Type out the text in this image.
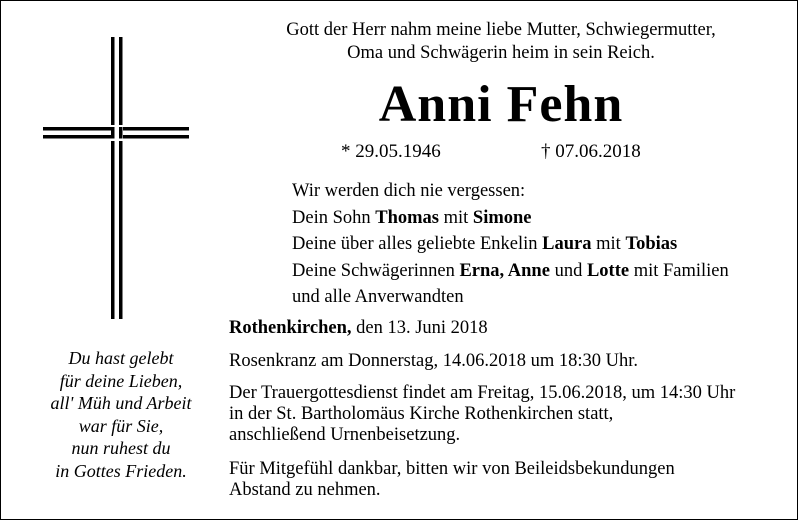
Gott der Herr nahm meine liebe Mutter, Schwiegermutter,
Oma und Schwägerin heim in sein Reich.
Anni Fehn
* 29.05.1946	† 07.06.2018
Wir werden dich nie vergessen:
Dein Sohn Thomas mit Simone
Deine über alles geliebte Enkelin Laura mit Tobias
Deine Schwägerinnen Erna, Anne und Lotte mit Familien
und alle Anverwandten
Rothenkirchen, den 13. Juni 2018
Rosenkranz am Donnerstag, 14.06.2018 um 18:30 Uhr.
Der Trauergottesdienst findet am Freitag, 15.06.2018, um 14:30 Uhr
in der St. Bartholomäus Kirche Rothenkirchen statt,
anschließend Urnenbeisetzung.
Für Mitgefühl dankbar, bitten wir von Beileidsbekundungen
Abstand zu nehmen.
Du hast gelebt
für deine Lieben,
all' Müh und Arbeit
war für Sie,
nun ruhest du
in Gottes Frieden.
